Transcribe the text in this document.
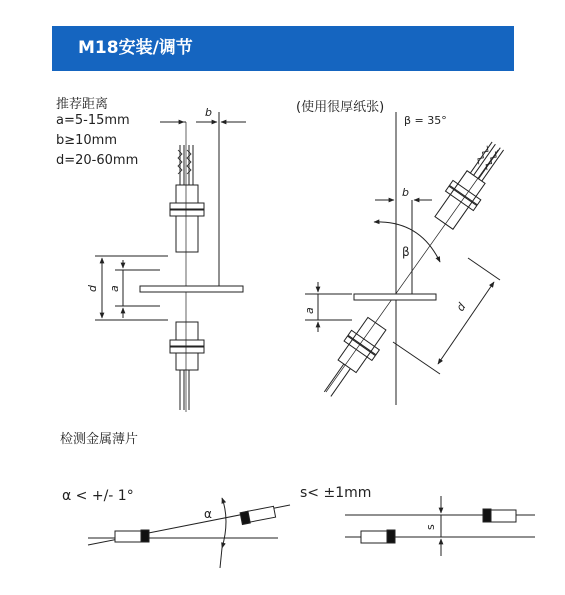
M18安装/调节
推荐距离
a=5-15mm
b≥10mm
d=20-60mm
(使用很厚纸张)
β = 35°
检测金属薄片
α < +/- 1°	s< ±1mm
b
d a
b
β
a	d
α
s
